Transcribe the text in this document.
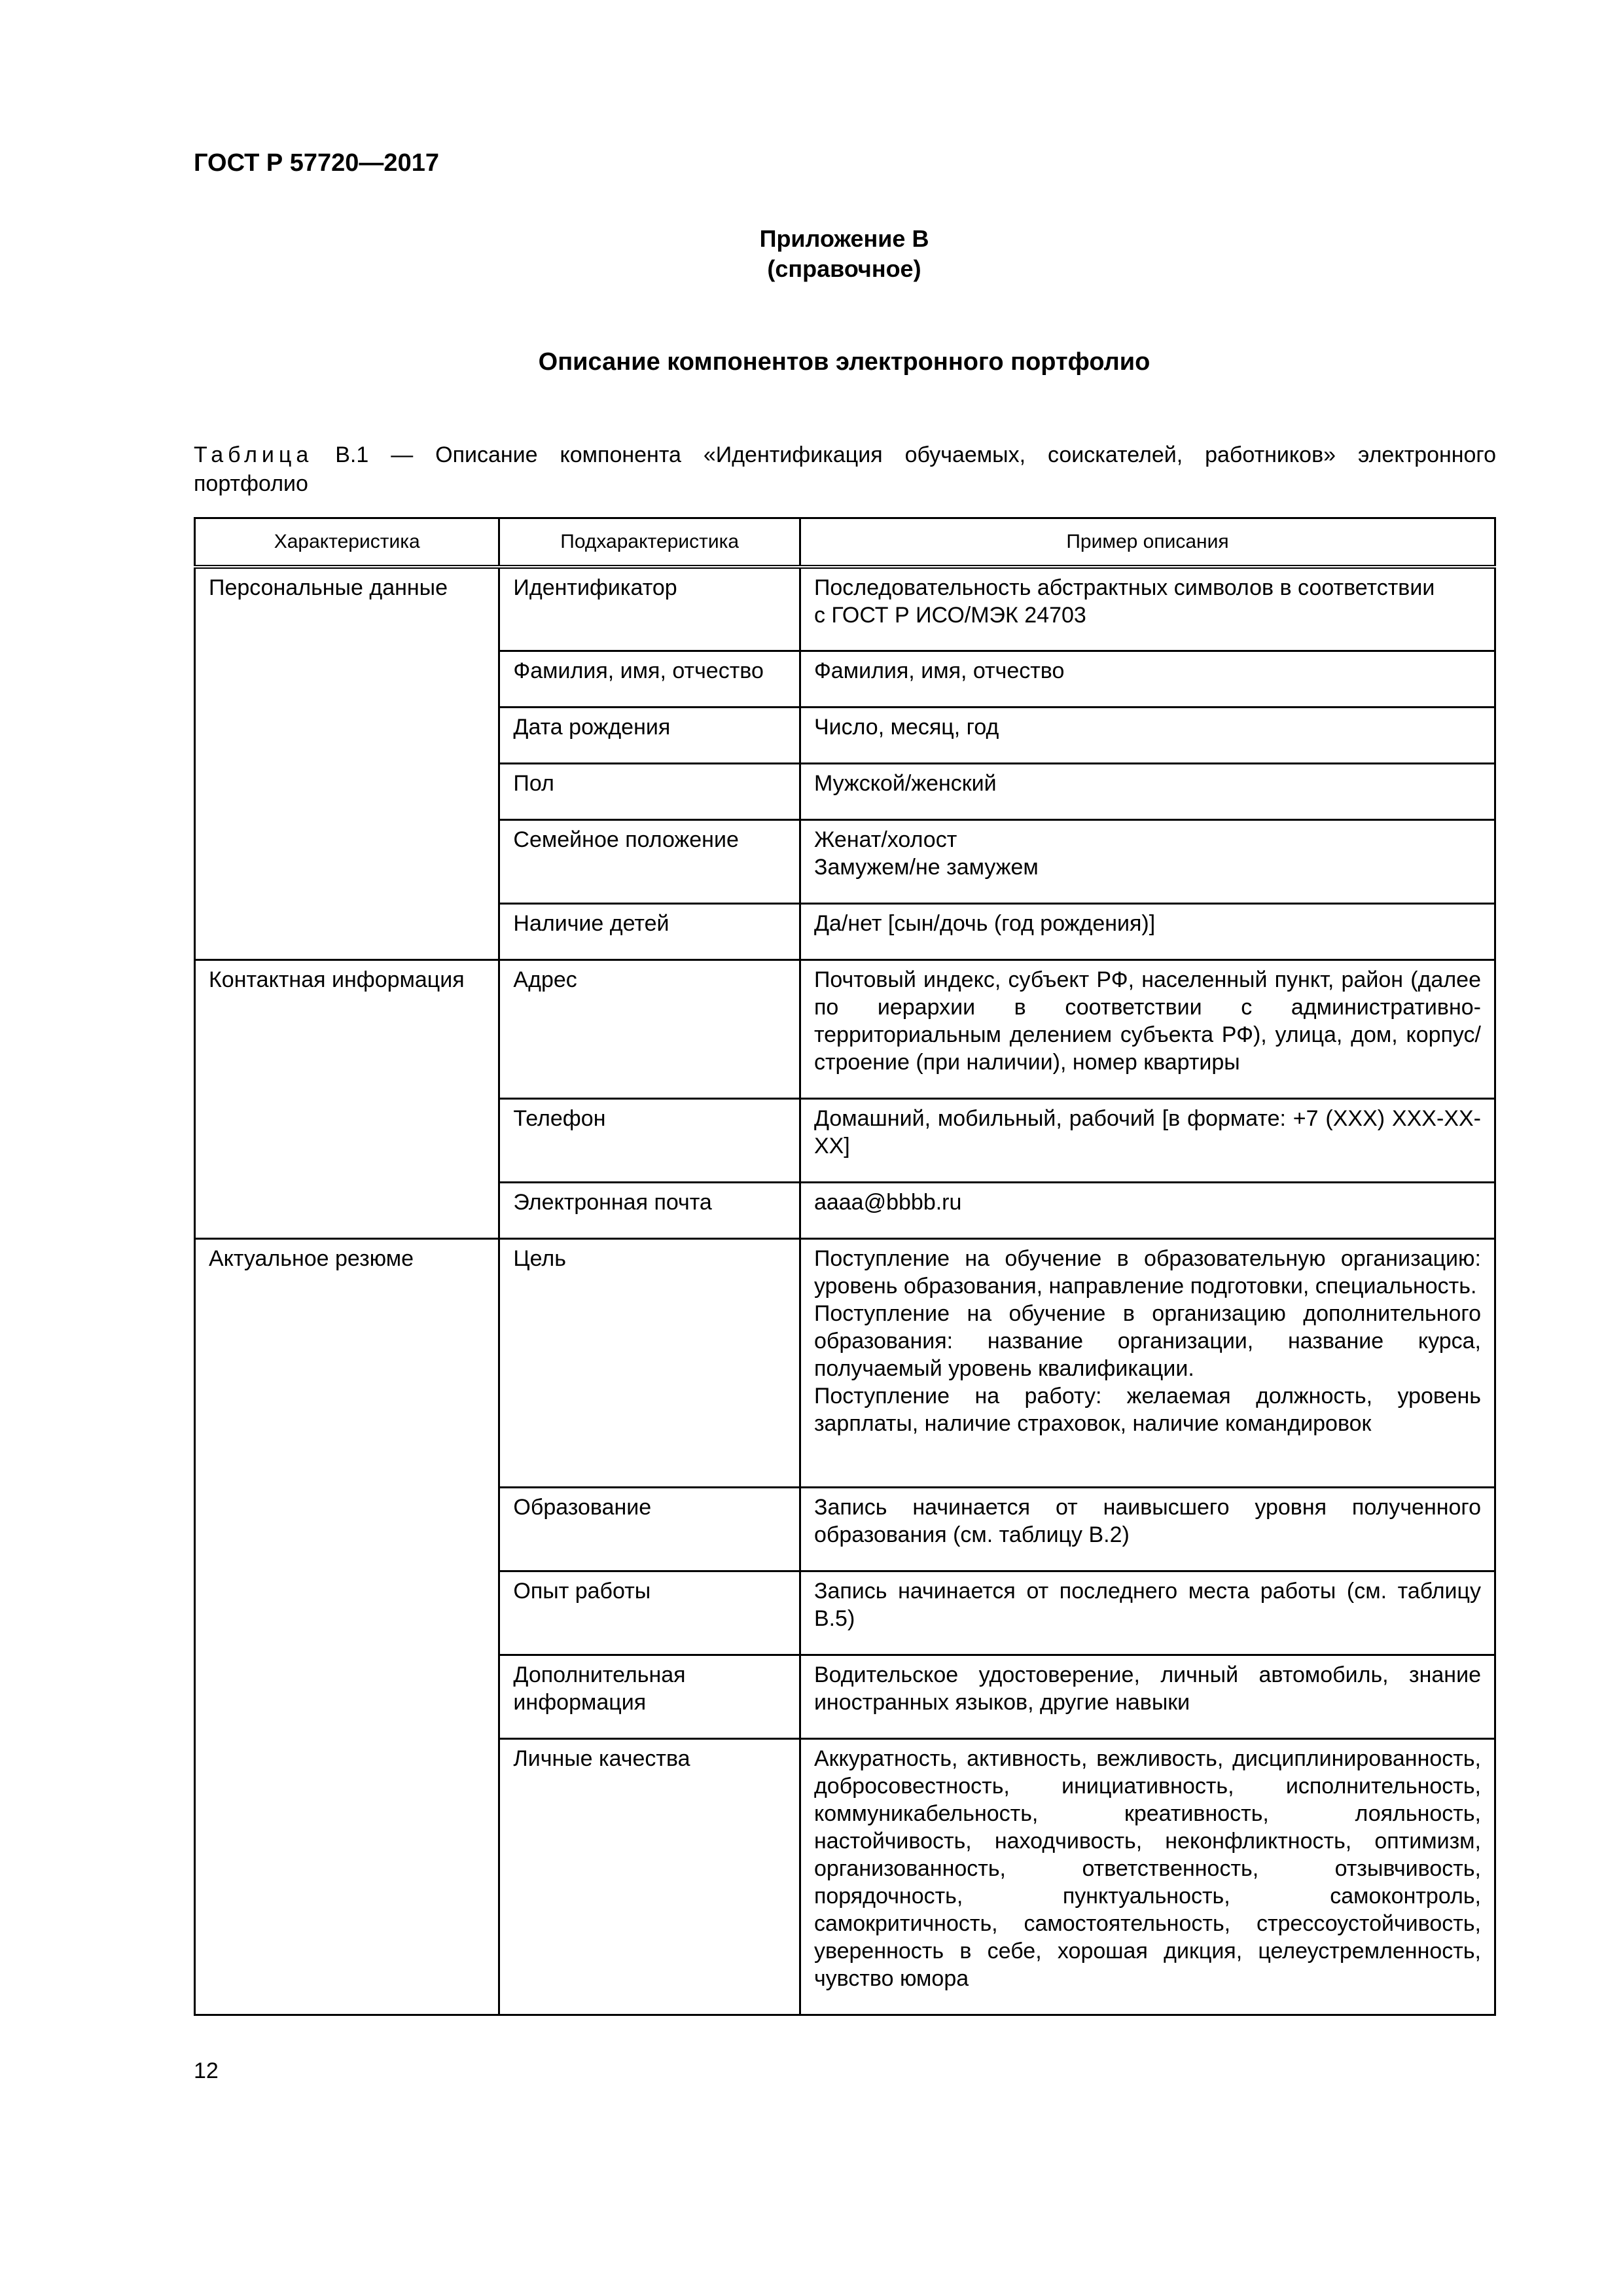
ГОСТ Р 57720—2017
Приложение В
(справочное)
Описание компонентов электронного портфолио
Таблица В.1 — Описание компонента «Идентификация обучаемых, соискателей, работников» электронного
портфолио
Характеристика	Подхарактеристика	Пример описания
Персональные данные	Идентификатор	Последовательность абстрактных символов в соответствии
с ГОСТ Р ИСО/МЭК 24703

	Фамилия, имя, отчество	Фамилия, имя, отчество
	Дата рождения	Число, месяц, год
	Пол	Мужской/женский
	Семейное положение	Женат/холост
Замужем/не замужем

	Наличие детей	Да/нет [сын/дочь (год рождения)]
Контактная информация	Адрес	Почтовый индекс, субъект РФ, населенный пункт, район (далее по иерархии в соответствии с административно-территориальным делением субъекта РФ), улица, дом, корпус/строение (при наличии), номер квартиры
	Телефон	Домашний, мобильный, рабочий [в формате: +7 (XXX) XXX-XX-XX]
	Электронная почта	aaaa@bbbb.ru
Актуальное резюме	Цель	Поступление на обучение в образовательную организацию: уровень образования, направление подготовки, специальность.
Поступление на обучение в организацию дополнительного образования: название организации, название курса, получаемый уровень квалификации.
Поступление на работу: желаемая должность, уровень зарплаты, наличие страховок, наличие командировок

	Образование	Запись начинается от наивысшего уровня полученного образования (см. таблицу В.2)
	Опыт работы	Запись начинается от последнего места работы (см. таблицу В.5)
	Дополнительная информация	Водительское удостоверение, личный автомобиль, знание иностранных языков, другие навыки
	Личные качества	Аккуратность, активность, вежливость, дисциплинированность, добросовестность, инициативность, исполнительность, коммуникабельность, креативность, лояльность, настойчивость, находчивость, неконфликтность, оптимизм, организованность, ответственность, отзывчивость, порядочность, пунктуальность, самоконтроль, самокритичность, самостоятельность, стрессоустойчивость, уверенность в себе, хорошая дикция, целеустремленность, чувство юмора
12
